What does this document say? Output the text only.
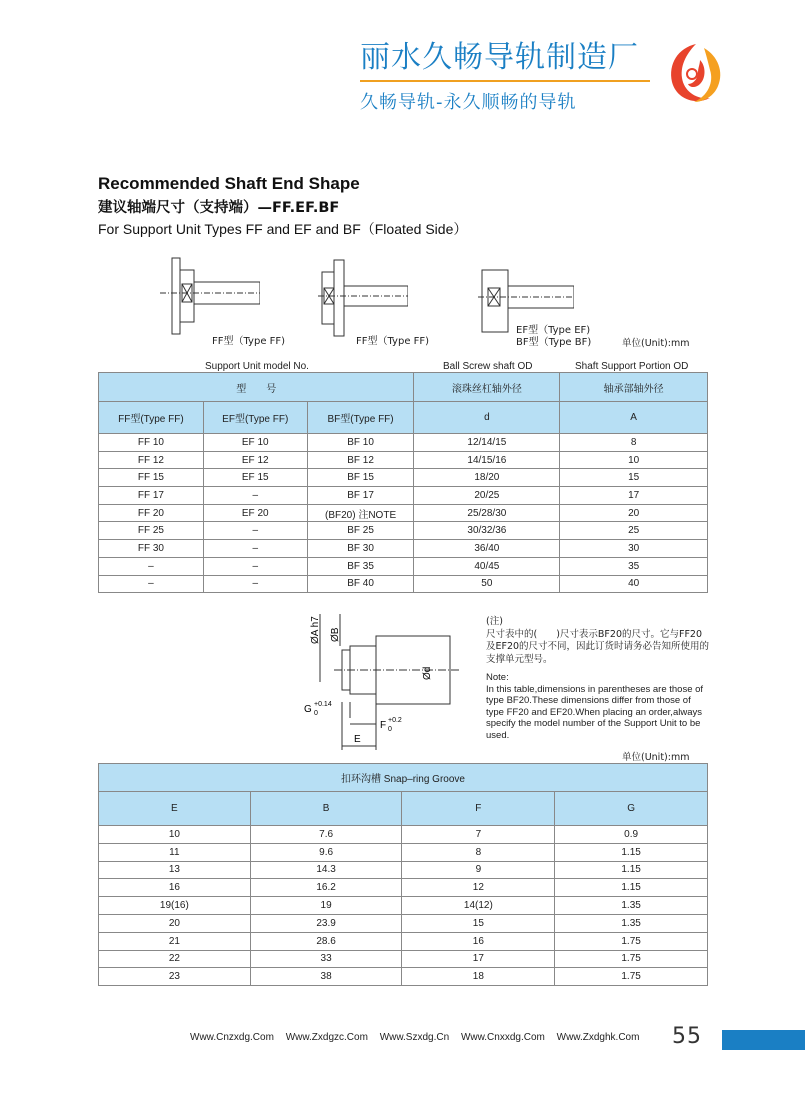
丽水久畅导轨制造厂
久畅导轨-永久顺畅的导轨
Recommended Shaft End Shape
建议轴端尺寸（支持端）—FF.EF.BF
For Support Unit Types FF and EF and BF（Floated Side）
FF型（Type FF)	FF型（Type FF)
EF型（Type EF)
BF型（Type BF)	单位(Unit):mm
Support Unit model No.	Ball Screw shaft OD	Shaft Support Portion OD
型　　号			滚珠丝杠轴外径	轴承部轴外径
FF型(Type FF)	EF型(Type FF)	BF型(Type FF)	d	A
FF 10	EF 10	BF 10	12/14/15	8
FF 12	EF 12	BF 12	14/15/16	10
FF 15	EF 15	BF 15	18/20	15
FF 17	–	BF 17	20/25	17
FF 20	EF 20	(BF20) 注NOTE	25/28/30	20
FF 25	–	BF 25	30/32/36	25
FF 30	–	BF 30	36/40	30
–	–	BF 35	40/45	35
–	–	BF 40	50	40
ØA h7 ØB
Ød
G +0.14
0
F +0.2
0
E
(注)
尺寸表中的(　　)尺寸表示BF20的尺寸。它与FF20及EF20的尺寸不同，因此订货时请务必告知所使用的支撑单元型号。
Note:
In this table,dimensions in parentheses are those of type BF20.These dimensions differ from those of type FF20 and EF20.When placing an order,always specify the model number of the Support Unit to be used.
单位(Unit):mm
扣环沟槽 Snap–ring Groove			
E	B	F	G
10	7.6	7	0.9
11	9.6	8	1.15
13	14.3	9	1.15
16	16.2	12	1.15
19(16)	19	14(12)	1.35
20	23.9	15	1.35
21	28.6	16	1.75
22	33	17	1.75
23	38	18	1.75
Www.Cnzxdg.Com Www.Zxdgzc.Com Www.Szxdg.Cn Www.Cnxxdg.Com Www.Zxdghk.Com	55
